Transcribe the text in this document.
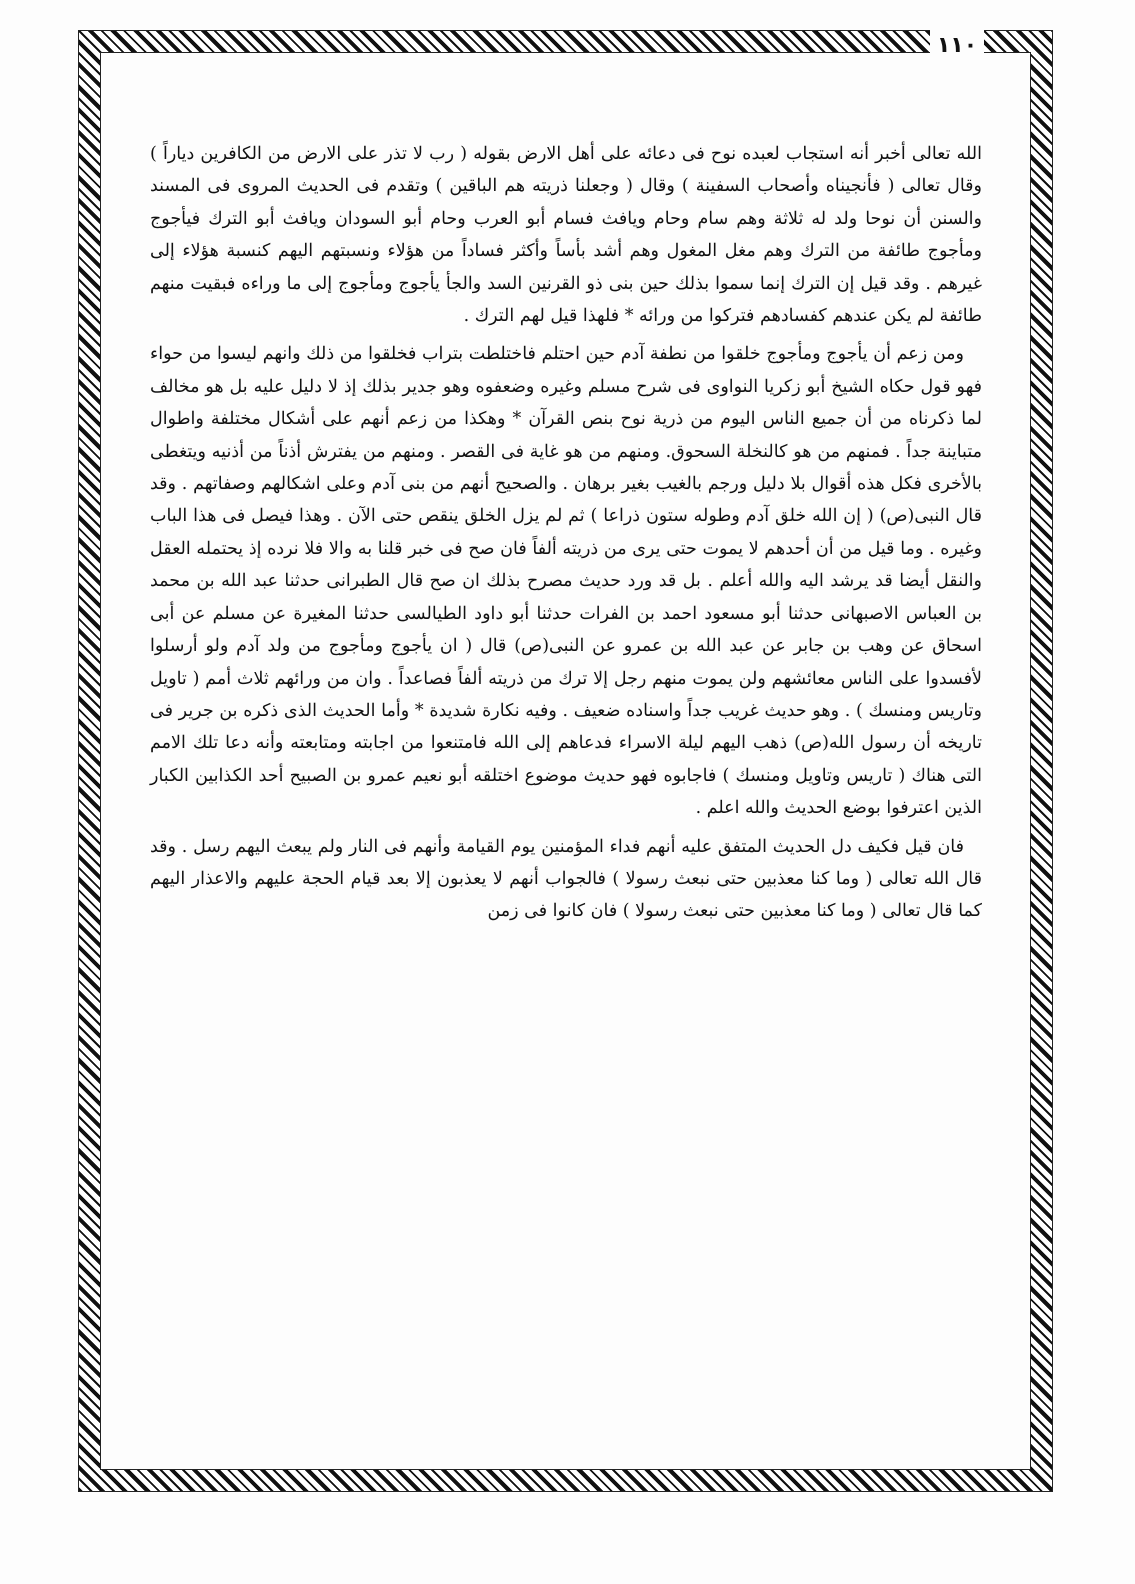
١١٠

الله تعالى أخبر أنه استجاب لعبده نوح فى دعائه على أهل الارض بقوله ( رب لا تذر على الارض من الكافرين دياراً ) وقال تعالى ( فأنجيناه وأصحاب السفينة ) وقال ( وجعلنا ذريته هم الباقين ) وتقدم فى الحديث المروى فى المسند والسنن أن نوحا ولد له ثلاثة وهم سام وحام ويافث فسام أبو العرب وحام أبو السودان ويافث أبو الترك فيأجوج ومأجوج طائفة من الترك وهم مغل المغول وهم أشد بأساً وأكثر فساداً من هؤلاء ونسبتهم اليهم كنسبة هؤلاء إلى غيرهم . وقد قيل إن الترك إنما سموا بذلك حين بنى ذو القرنين السد والجأ يأجوج ومأجوج إلى ما وراءه فبقيت منهم طائفة لم يكن عندهم كفسادهم فتركوا من ورائه * فلهذا قيل لهم الترك .

ومن زعم أن يأجوج ومأجوج خلقوا من نطفة آدم حين احتلم فاختلطت بتراب فخلقوا من ذلك وانهم ليسوا من حواء فهو قول حكاه الشيخ أبو زكريا النواوى فى شرح مسلم وغيره وضعفوه وهو جدير بذلك إذ لا دليل عليه بل هو مخالف لما ذكرناه من أن جميع الناس اليوم من ذرية نوح بنص القرآن * وهكذا من زعم أنهم على أشكال مختلفة واطوال متباينة جداً . فمنهم من هو كالنخلة السحوق. ومنهم من هو غاية فى القصر . ومنهم من يفترش أذناً من أذنيه ويتغطى بالأخرى فكل هذه أقوال بلا دليل ورجم بالغيب بغير برهان . والصحيح أنهم من بنى آدم وعلى اشكالهم وصفاتهم . وقد قال النبى(ص) ( إن الله خلق آدم وطوله ستون ذراعا ) ثم لم يزل الخلق ينقص حتى الآن . وهذا فيصل فى هذا الباب وغيره . وما قيل من أن أحدهم لا يموت حتى يرى من ذريته ألفاً فان صح فى خبر قلنا به والا فلا نرده إذ يحتمله العقل والنقل أيضا قد يرشد اليه والله أعلم . بل قد ورد حديث مصرح بذلك ان صح قال الطبرانى حدثنا عبد الله بن محمد بن العباس الاصبهانى حدثنا أبو مسعود احمد بن الفرات حدثنا أبو داود الطيالسى حدثنا المغيرة عن مسلم عن أبى اسحاق عن وهب بن جابر عن عبد الله بن عمرو عن النبى(ص) قال ( ان يأجوج ومأجوج من ولد آدم ولو أرسلوا لأفسدوا على الناس معائشهم ولن يموت منهم رجل إلا ترك من ذريته ألفاً فصاعداً . وان من ورائهم ثلاث أمم ( تاويل وتاريس ومنسك ) . وهو حديث غريب جداً واسناده ضعيف . وفيه نكارة شديدة * وأما الحديث الذى ذكره بن جرير فى تاريخه أن رسول الله(ص) ذهب اليهم ليلة الاسراء فدعاهم إلى الله فامتنعوا من اجابته ومتابعته وأنه دعا تلك الامم التى هناك ( تاريس وتاويل ومنسك ) فاجابوه فهو حديث موضوع اختلقه أبو نعيم عمرو بن الصبيح أحد الكذابين الكبار الذين اعترفوا بوضع الحديث والله اعلم .

فان قيل فكيف دل الحديث المتفق عليه أنهم فداء المؤمنين يوم القيامة وأنهم فى النار ولم يبعث اليهم رسل . وقد قال الله تعالى ( وما كنا معذبين حتى نبعث رسولا ) فالجواب أنهم لا يعذبون إلا بعد قيام الحجة عليهم والاعذار اليهم كما قال تعالى ( وما كنا معذبين حتى نبعث رسولا ) فان كانوا فى زمن
